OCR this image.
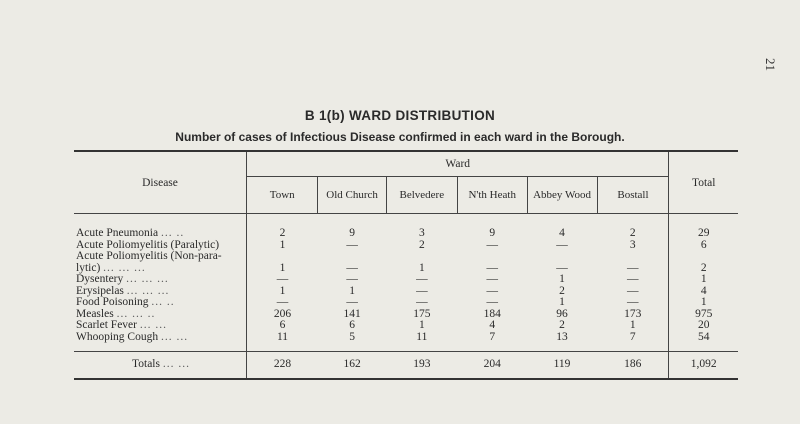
21
B 1(b) WARD DISTRIBUTION
Number of cases of Infectious Disease confirmed in each ward in the Borough.
Disease	Ward						Total
	Town	Old Church	Belvedere	N'th Heath	Abbey Wood	Bostall	

Acute Pneumonia ... ..	2	9	3	9	4	2	29
Acute Poliomyelitis (Paralytic)	1	—	2	—	—	3	6
Acute Poliomyelitis (Non-para-							
lytic) ... ... ...	1	—	1	—	—	—	2
Dysentery ... ... ...	—	—	—	—	1	—	1
Erysipelas ... ... ...	1	1	—	—	2	—	4
Food Poisoning ... ..	—	—	—	—	1	—	1
Measles ... ... ..	206	141	175	184	96	173	975
Scarlet Fever ... ...	6	6	1	4	2	1	20
Whooping Cough ... ...	11	5	11	7	13	7	54

Totals ... ...	228	162	193	204	119	186	1,092
